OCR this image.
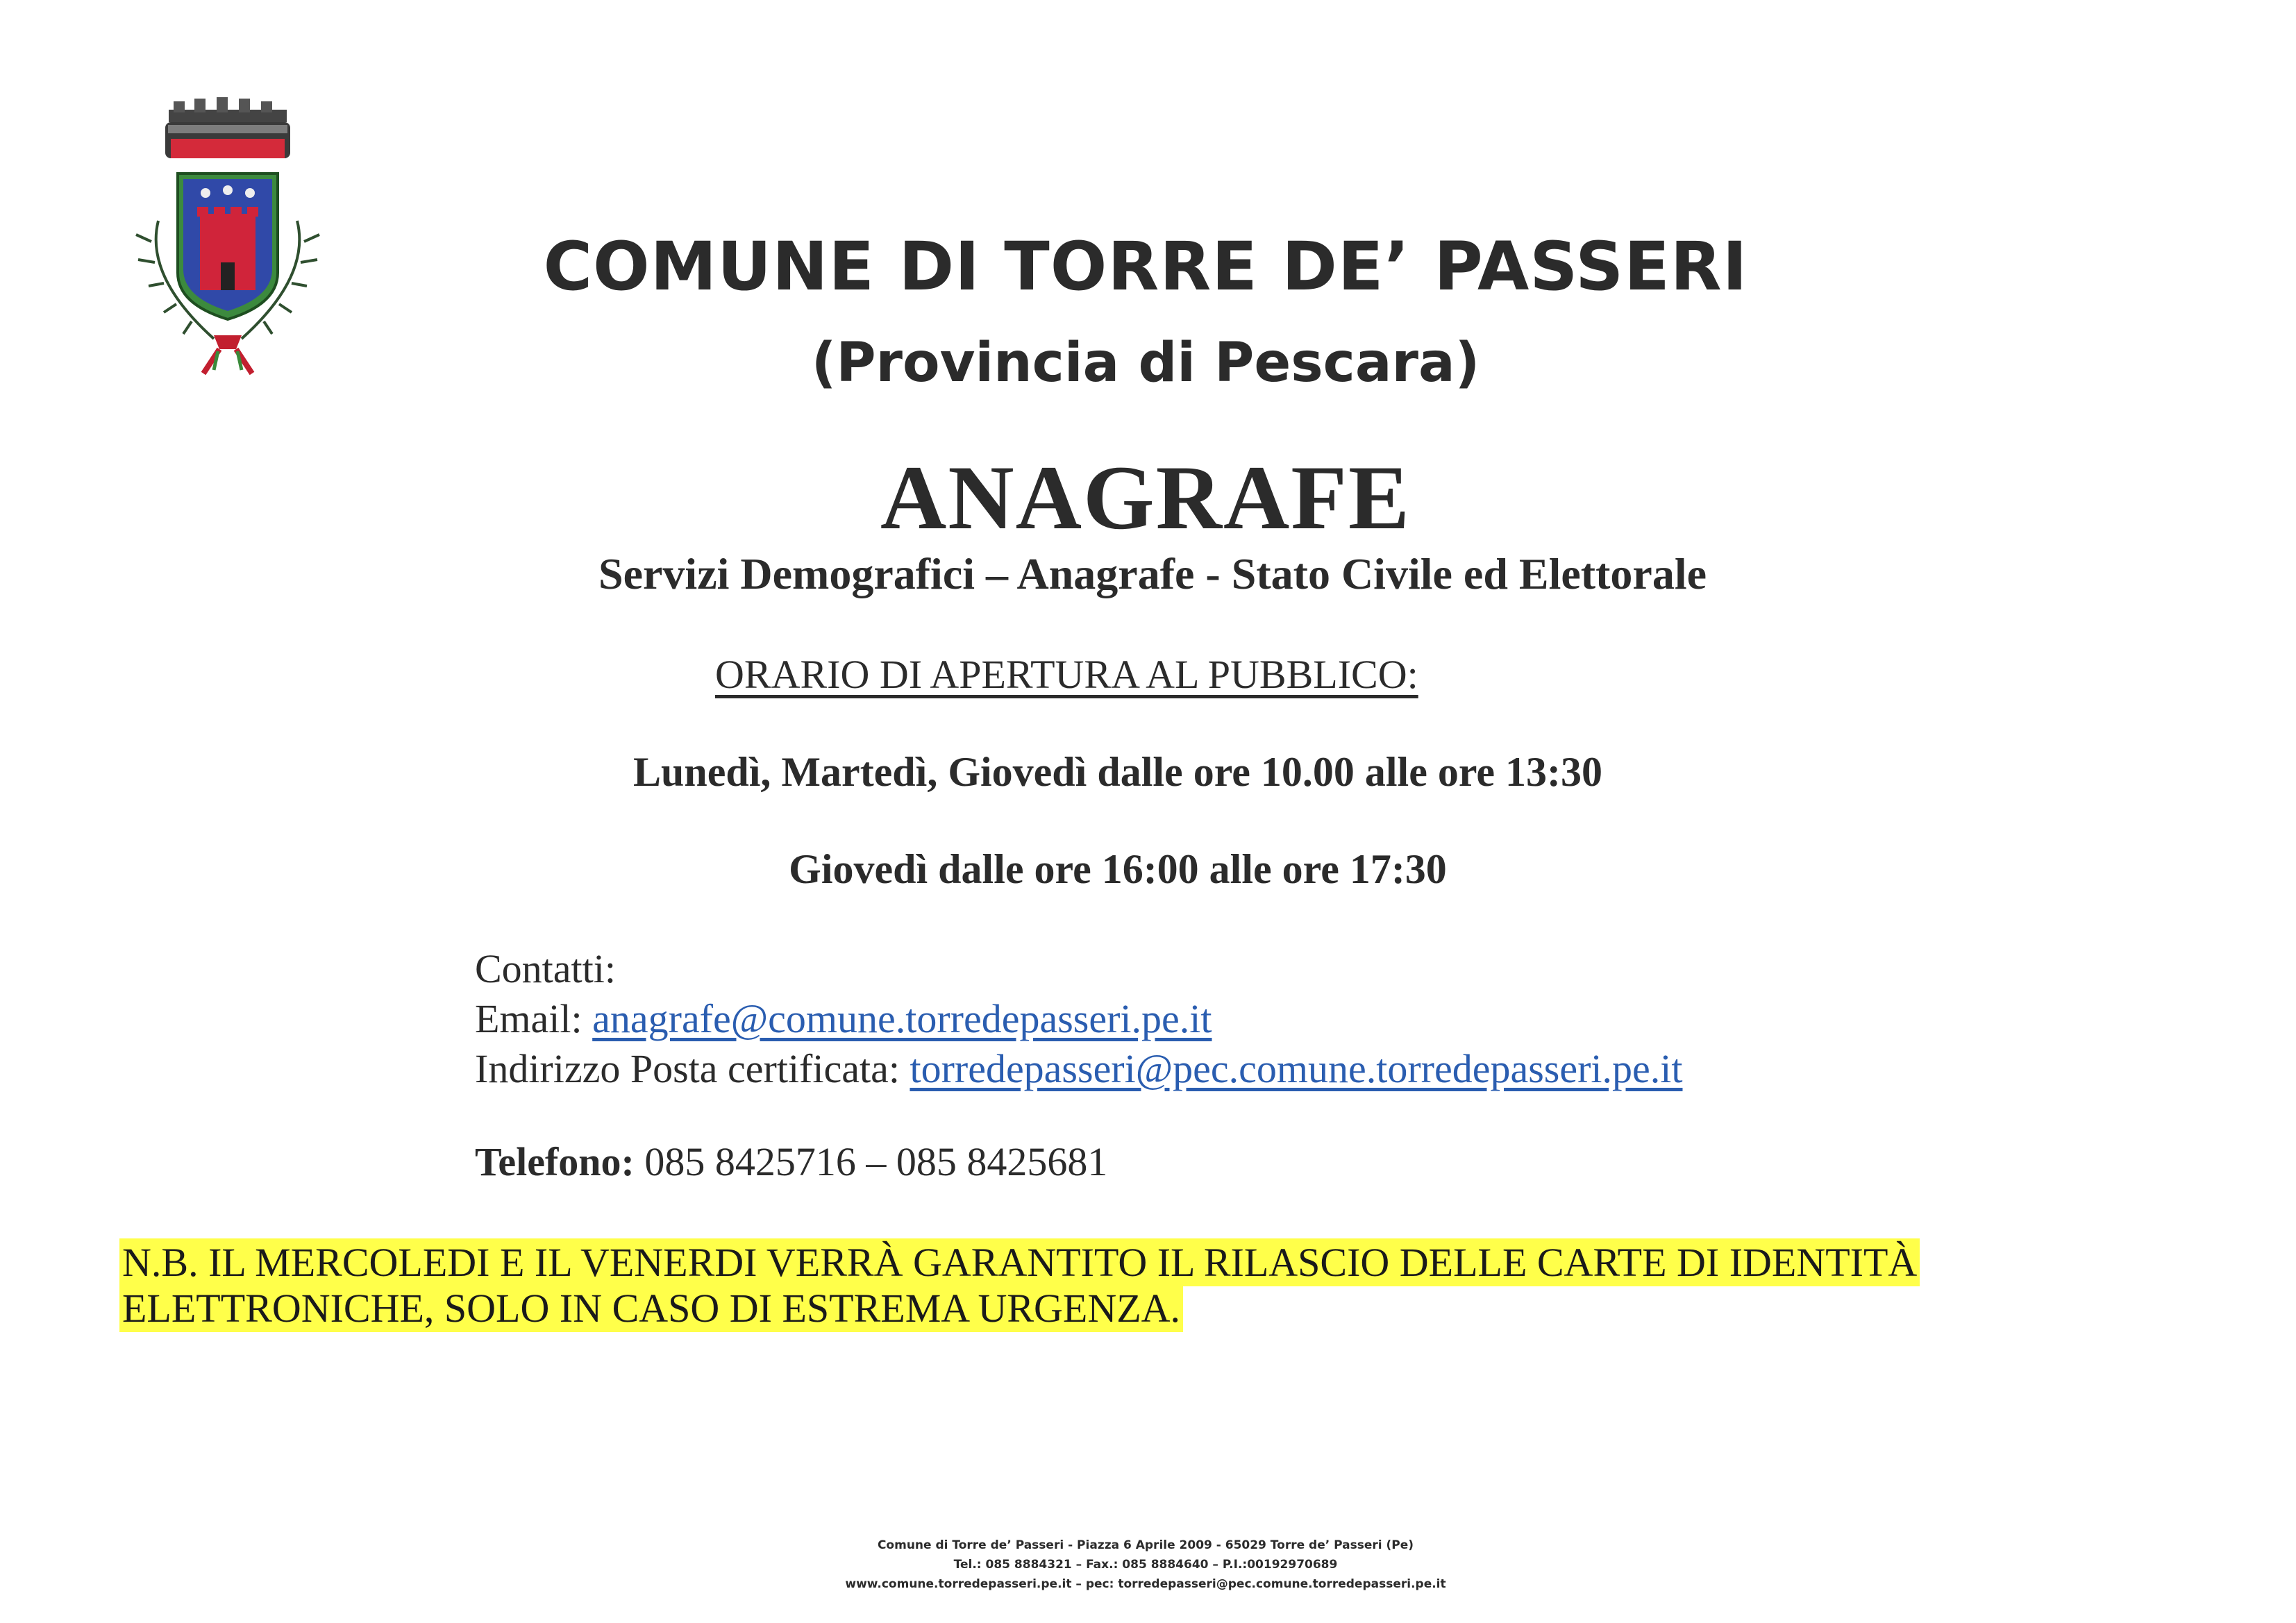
COMUNE DI TORRE DE’ PASSERI
(Provincia di Pescara)
ANAGRAFE
Servizi Demografici – Anagrafe - Stato Civile ed Elettorale
ORARIO DI APERTURA AL PUBBLICO:
Lunedì, Martedì, Giovedì dalle ore 10.00 alle ore 13:30
Giovedì dalle ore 16:00 alle ore 17:30
Contatti:
Email: anagrafe@comune.torredepasseri.pe.it
Indirizzo Posta certificata: torredepasseri@pec.comune.torredepasseri.pe.it
Telefono: 085 8425716 – 085 8425681
N.B. IL MERCOLEDI E IL VENERDI VERRÀ GARANTITO IL RILASCIO DELLE CARTE DI IDENTITÀ ELETTRONICHE, SOLO IN CASO DI ESTREMA URGENZA.
Comune di Torre de’ Passeri - Piazza 6 Aprile 2009 - 65029 Torre de’ Passeri (Pe)
Tel.: 085 8884321 – Fax.: 085 8884640 – P.I.:00192970689
www.comune.torredepasseri.pe.it – pec: torredepasseri@pec.comune.torredepasseri.pe.it
